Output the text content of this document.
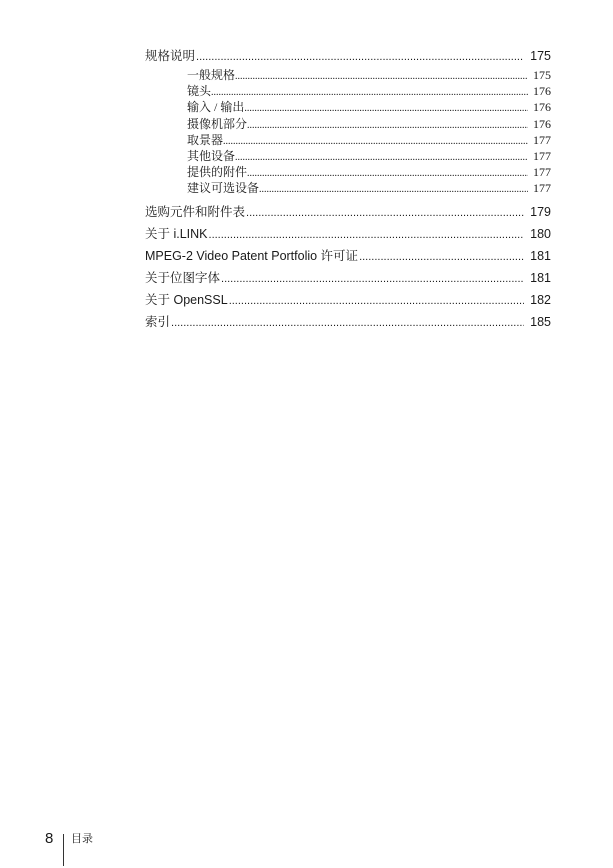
规格说明 .....	175
一般规格 .....	175
镜头 .....	176
输入 / 输出 .....	176
摄像机部分 .....	176
取景器 .....	177
其他设备 .....	177
提供的附件 .....	177
建议可选设备 .....	177
选购元件和附件表 .....	179
关于 i.LINK .....	180
MPEG-2 Video Patent Portfolio 许可证 .....	181
关于位图字体 .....	181
关于 OpenSSL .....	182
索引 .....	185
8 目录
